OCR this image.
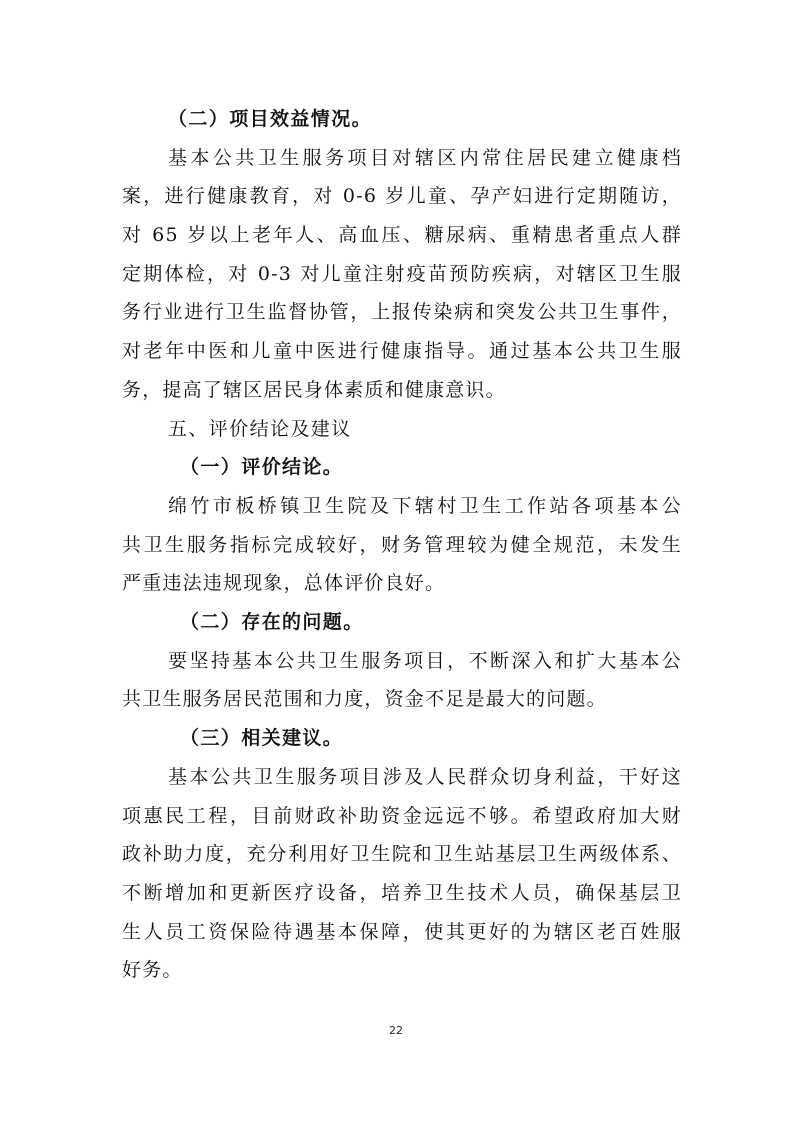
（二）项目效益情况。
基本公共卫生服务项目对辖区内常住居民建立健康档
案，进行健康教育，对 0-6 岁儿童、孕产妇进行定期随访，
对 65 岁以上老年人、高血压、糖尿病、重精患者重点人群
定期体检，对 0-3 对儿童注射疫苗预防疾病，对辖区卫生服
务行业进行卫生监督协管，上报传染病和突发公共卫生事件，
对老年中医和儿童中医进行健康指导。通过基本公共卫生服
务，提高了辖区居民身体素质和健康意识。
五、评价结论及建议
（一）评价结论。
绵竹市板桥镇卫生院及下辖村卫生工作站各项基本公
共卫生服务指标完成较好，财务管理较为健全规范，未发生
严重违法违规现象，总体评价良好。
（二）存在的问题。
要坚持基本公共卫生服务项目，不断深入和扩大基本公
共卫生服务居民范围和力度，资金不足是最大的问题。
（三）相关建议。
基本公共卫生服务项目涉及人民群众切身利益，干好这
项惠民工程，目前财政补助资金远远不够。希望政府加大财
政补助力度，充分利用好卫生院和卫生站基层卫生两级体系、
不断增加和更新医疗设备，培养卫生技术人员，确保基层卫
生人员工资保险待遇基本保障，使其更好的为辖区老百姓服
好务。
22
